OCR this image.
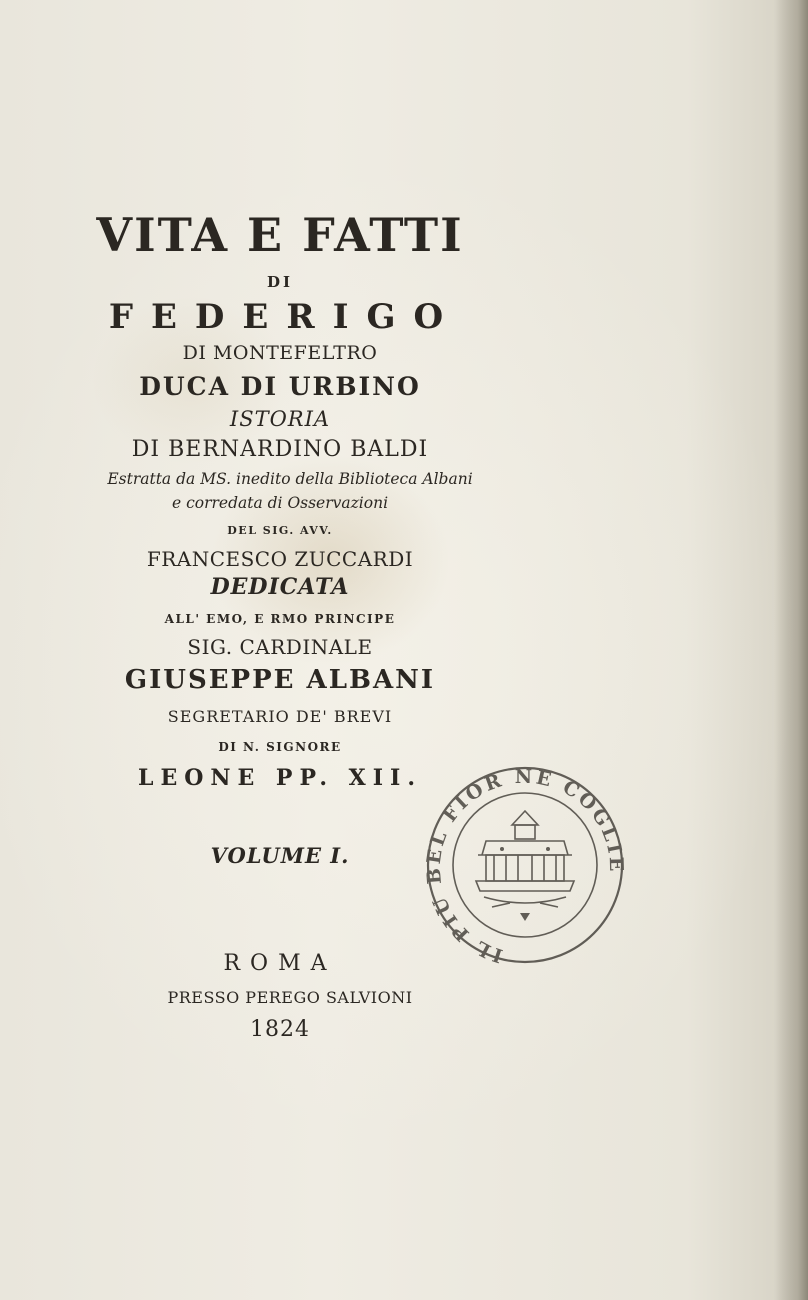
VITA E FATTI
DI
FEDERIGO
DI MONTEFELTRO
DUCA DI URBINO
ISTORIA
DI BERNARDINO BALDI
Estratta da MS. inedito della Biblioteca Albani
e corredata di Osservazioni
DEL SIG. AVV.
FRANCESCO ZUCCARDI
DEDICATA
ALL' EMO, E RMO PRINCIPE
SIG. CARDINALE
GIUSEPPE ALBANI
SEGRETARIO DE' BREVI
DI N. SIGNORE
LEONE PP. XII.
VOLUME I.
ROMA
PRESSO PEREGO SALVIONI
1824
IL PIU BEL FIOR NE COGLIE
